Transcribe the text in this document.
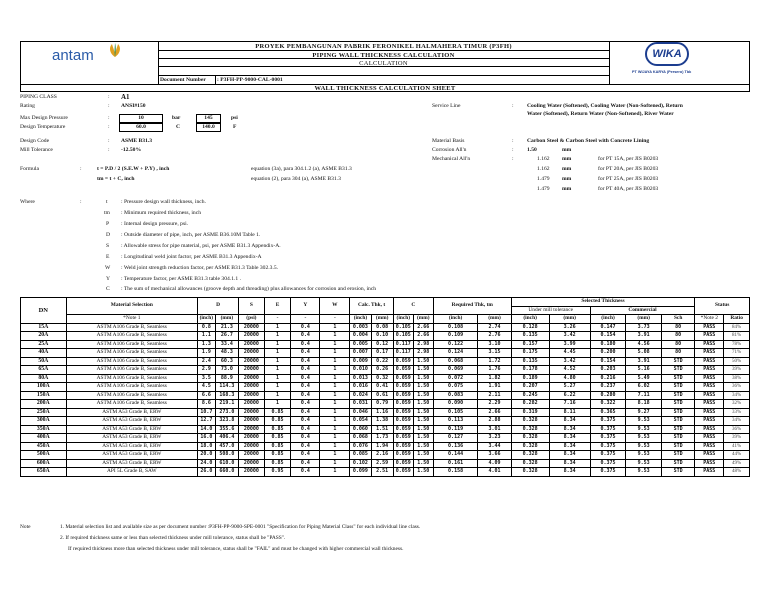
PROYEK PEMBANGUNAN PABRIK FERONIKEL HALMAHERA TIMUR (P3FH)
PIPING WALL THICKNESS CALCULATION
CALCULATION
Document Number : P3FH-PP-9000-CAL-0001
WALL THICKNESS CALCULATION SHEET
antam	WIKA
PT WIJAYA KARYA (Persero) Tbk
PIPING CLASS	: A1
Rating	: ANSI#150
Max Design Pressure	:	10	bar	145	psi
Design Temperature	:	60.0	C	140.0	F
Design Code	: ASME B31.3
Mill Tolerance	: -12.50%
Service Line	: Cooling Water (Softened), Cooling Water (Non-Softened), Return
Water (Softened), Return Water (Non-Softened), River Water
Material Basis	: Carbon Steel & Carbon Steel with Concrete Lining
Corrosion All'n	: 1.50	mm
Mechanical All'n	:	1.162 mm	for PT 15A, per JIS B0203
1.162 mm	for PT 20A, per JIS B0203
1.479 mm	for PT 25A, per JIS B0203
1.479 mm	for PT 40A, per JIS B0203
Formula	:	t = P.D / 2 (S.E.W + P.Y) , inch	equation (3a), para 304.1.2 (a), ASME B31.3
tm = t + C, inch	equation (2), para 304 (a), ASME B31.3
Where	:	t : Pressure design wall thickness, inch.
tm : Minimum required thickness, inch
P : Internal design pressure, psi.
D : Outside diameter of pipe, inch, per ASME B36.10M Table 1.
S : Allowable stress for pipe material, psi, per ASME B31.3 Appendix-A.
E : Longitudinal weld joint factor, per ASME B31.3 Appendix-A
W : Weld joint strength reduction factor, per ASME B31.3 Table 302.3.5.
Y : Temperature factor, per ASME B31.3 table 304.1.1 .
C : The sum of mechanical allowances (groove depth and threading) plus allowances for corrosion and erosion, inch
DN	Material Selection	D		S	E	Y	W	Calc. Thk, t		C		Required Thk, tm		Selected Thickness					Status	
														Under mill tolerance		Commercial				
	*Note 1	(inch)	(mm)	(psi)	-	-	-	(inch)	(mm)	(inch)	(mm)	(inch)	(mm)	(inch)	(mm)	(inch)	(mm)	Sch	*Note 2	Ratio
15A	ASTM A106 Grade B, Seamless	0.8	21.3	20000	1	0.4	1	0.003	0.08	0.105	2.66	0.108	2.74	0.128	3.26	0.147	3.73	80	PASS	84%
20A	ASTM A106 Grade B, Seamless	1.1	26.7	20000	1	0.4	1	0.004	0.10	0.105	2.66	0.109	2.76	0.135	3.42	0.154	3.91	80	PASS	81%
25A	ASTM A106 Grade B, Seamless	1.3	33.4	20000	1	0.4	1	0.005	0.12	0.117	2.98	0.122	3.10	0.157	3.99	0.180	4.56	80	PASS	78%
40A	ASTM A106 Grade B, Seamless	1.9	48.3	20000	1	0.4	1	0.007	0.17	0.117	2.98	0.124	3.15	0.175	4.45	0.200	5.08	80	PASS	71%
50A	ASTM A106 Grade B, Seamless	2.4	60.3	20000	1	0.4	1	0.009	0.22	0.059	1.50	0.068	1.72	0.135	3.42	0.154	3.91	STD	PASS	50%
65A	ASTM A106 Grade B, Seamless	2.9	73.0	20000	1	0.4	1	0.010	0.26	0.059	1.50	0.069	1.76	0.178	4.52	0.203	5.16	STD	PASS	39%
80A	ASTM A106 Grade B, Seamless	3.5	88.9	20000	1	0.4	1	0.013	0.32	0.059	1.50	0.072	1.82	0.189	4.80	0.216	5.49	STD	PASS	38%
100A	ASTM A106 Grade B, Seamless	4.5	114.3	20000	1	0.4	1	0.016	0.41	0.059	1.50	0.075	1.91	0.207	5.27	0.237	6.02	STD	PASS	36%
150A	ASTM A106 Grade B, Seamless	6.6	168.3	20000	1	0.4	1	0.024	0.61	0.059	1.50	0.083	2.11	0.245	6.22	0.280	7.11	STD	PASS	34%
200A	ASTM A106 Grade B, Seamless	8.6	219.1	20000	1	0.4	1	0.031	0.79	0.059	1.50	0.090	2.29	0.282	7.16	0.322	8.18	STD	PASS	32%
250A	ASTM A53 Grade B, ERW	10.7	273.0	20000	0.85	0.4	1	0.046	1.16	0.059	1.50	0.105	2.66	0.319	8.11	0.365	9.27	STD	PASS	33%
300A	ASTM A53 Grade B, ERW	12.7	323.8	20000	0.85	0.4	1	0.054	1.38	0.059	1.50	0.113	2.88	0.328	8.34	0.375	9.53	STD	PASS	34%
350A	ASTM A53 Grade B, ERW	14.0	355.6	20000	0.85	0.4	1	0.060	1.51	0.059	1.50	0.119	3.01	0.328	8.34	0.375	9.53	STD	PASS	36%
400A	ASTM A53 Grade B, ERW	16.0	406.4	20000	0.85	0.4	1	0.068	1.73	0.059	1.50	0.127	3.23	0.328	8.34	0.375	9.53	STD	PASS	39%
450A	ASTM A53 Grade B, ERW	18.0	457.0	20000	0.85	0.4	1	0.076	1.94	0.059	1.50	0.136	3.44	0.328	8.34	0.375	9.53	STD	PASS	41%
500A	ASTM A53 Grade B, ERW	20.0	508.0	20000	0.85	0.4	1	0.085	2.16	0.059	1.50	0.144	3.66	0.328	8.34	0.375	9.53	STD	PASS	44%
600A	ASTM A53 Grade B, ERW	24.0	610.0	20000	0.85	0.4	1	0.102	2.59	0.059	1.50	0.161	4.09	0.328	8.34	0.375	9.53	STD	PASS	49%
650A	API 5L Grade B, SAW	26.0	660.0	20000	0.95	0.4	1	0.099	2.51	0.059	1.50	0.158	4.01	0.328	8.34	0.375	9.53	STD	PASS	48%
Note	1. Material selection list and available size as per document number :P3FH-PP-9000-SPE-0001 "Specification for Piping Material Class" for each individual line class.
2. If required thickness same or less than selected thickness under mill tolerance, status shall be "PASS".
If required thickness more than selected thickness under mill tolerance, status shall be "FAIL" and must be changed with higher commercial wall thickness.
